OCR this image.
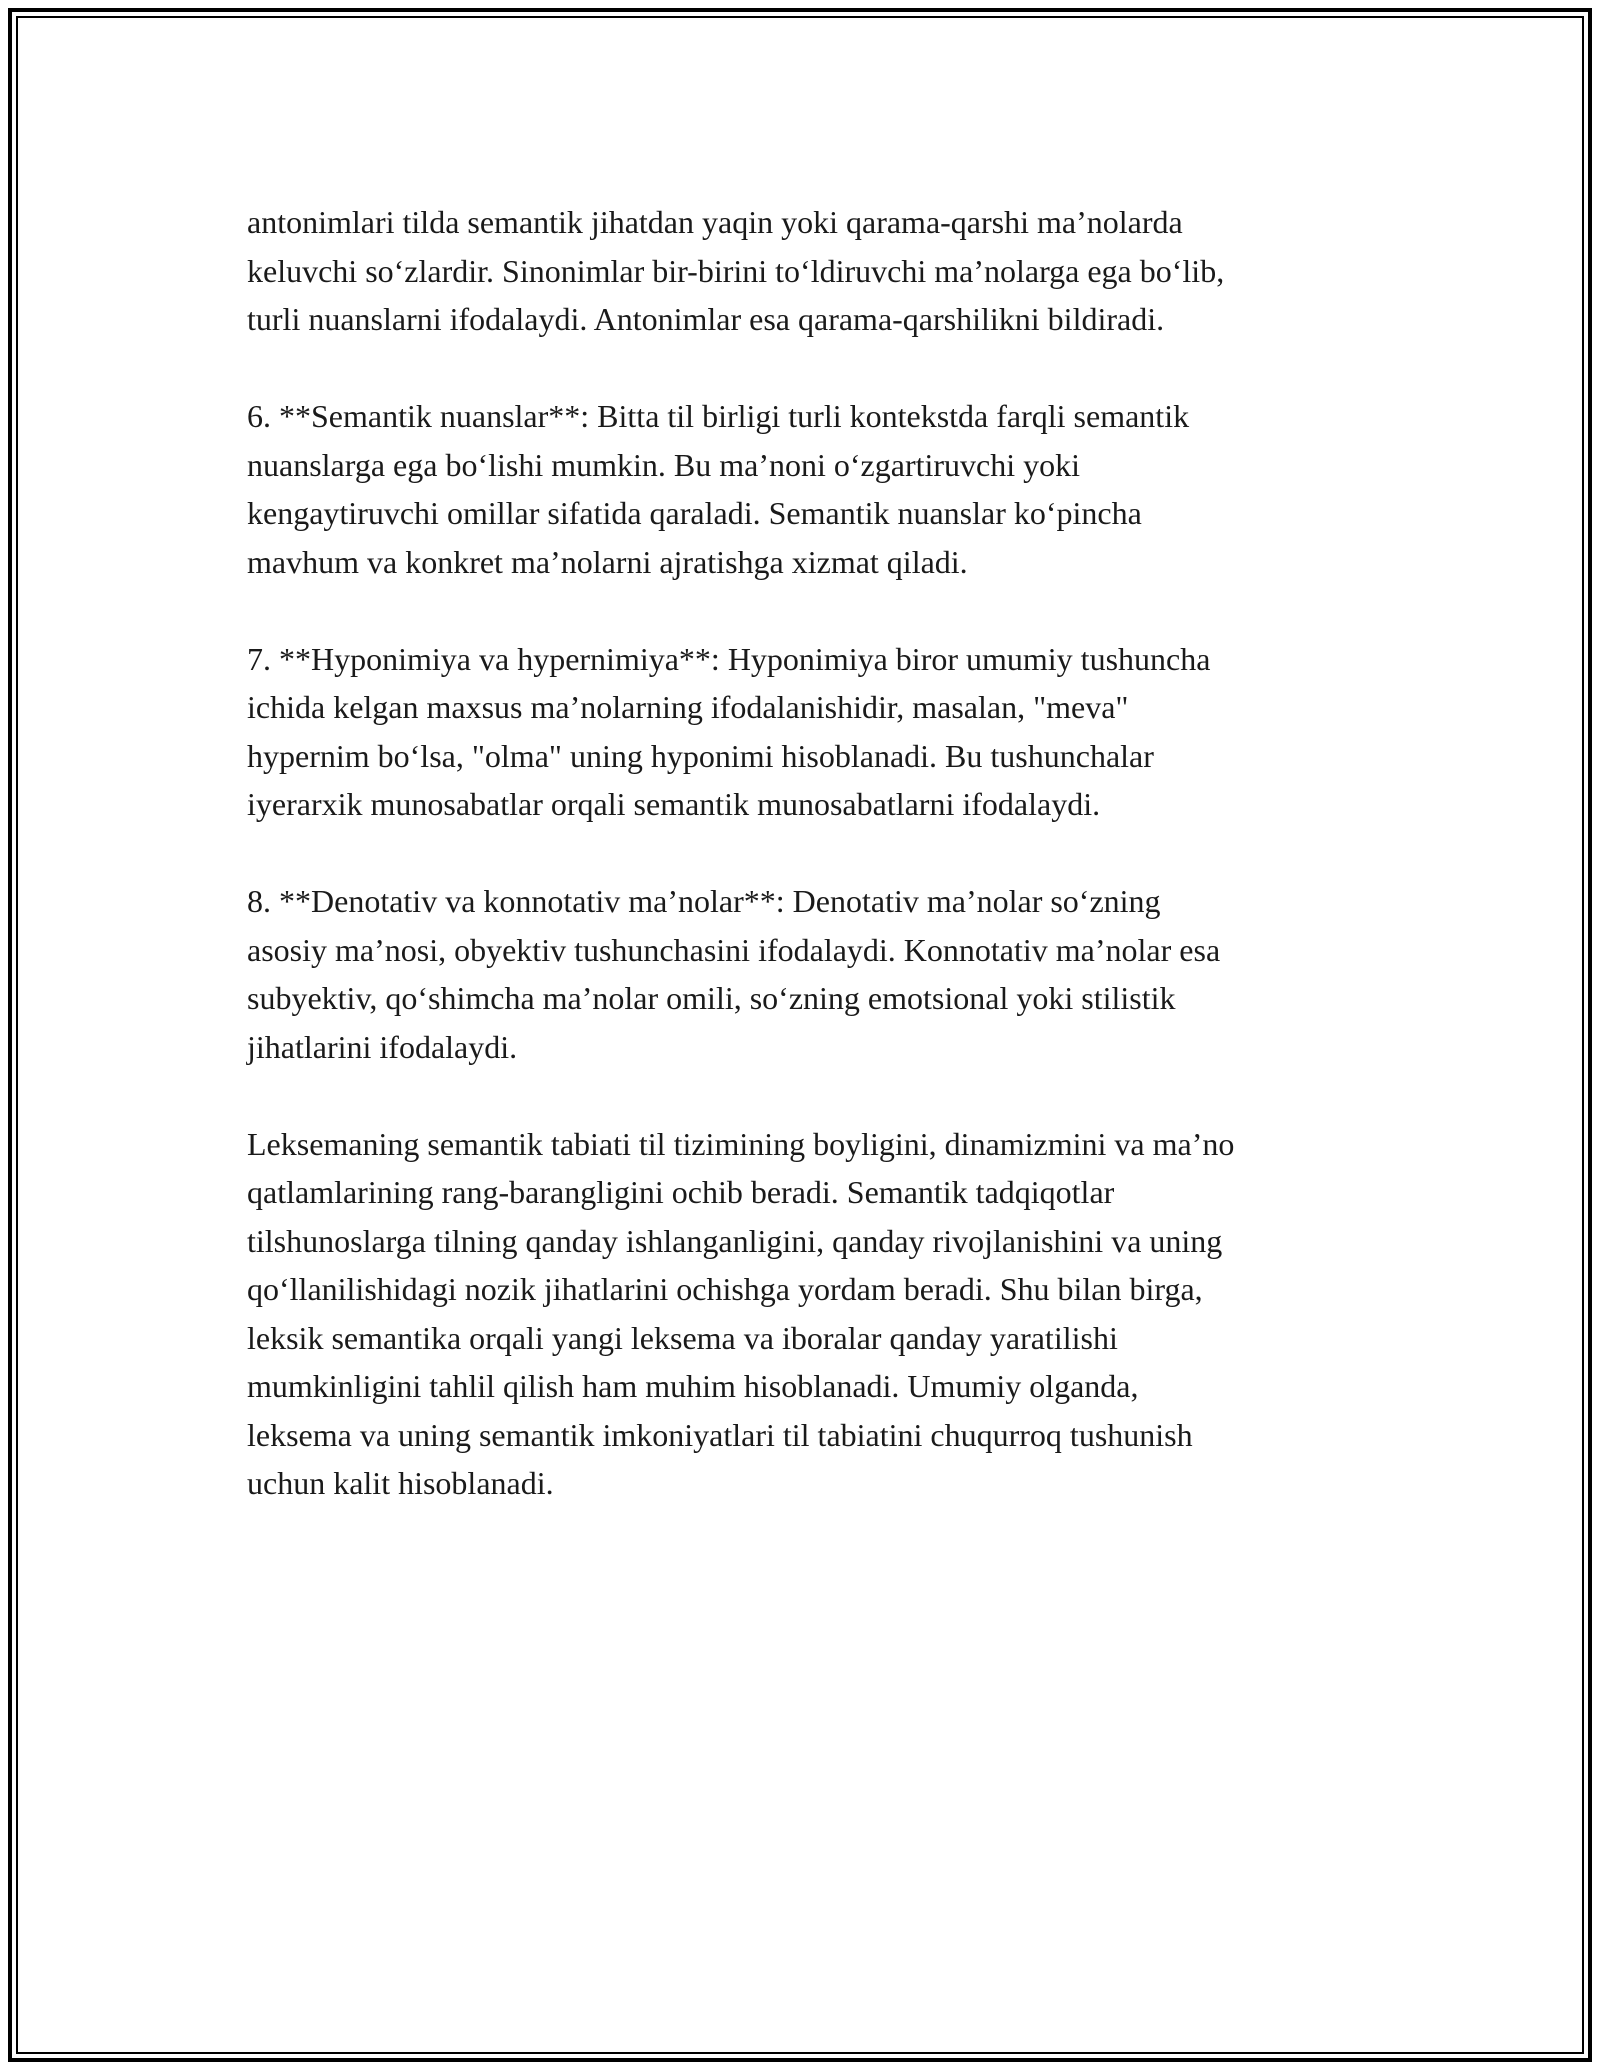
antonimlari tilda semantik jihatdan yaqin yoki qarama-qarshi ma’nolarda
keluvchi so‘zlardir. Sinonimlar bir-birini to‘ldiruvchi ma’nolarga ega bo‘lib,
turli nuanslarni ifodalaydi. Antonimlar esa qarama-qarshilikni bildiradi.

6. **Semantik nuanslar**: Bitta til birligi turli kontekstda farqli semantik
nuanslarga ega bo‘lishi mumkin. Bu ma’noni o‘zgartiruvchi yoki
kengaytiruvchi omillar sifatida qaraladi. Semantik nuanslar ko‘pincha
mavhum va konkret ma’nolarni ajratishga xizmat qiladi.

7. **Hyponimiya va hypernimiya**: Hyponimiya biror umumiy tushuncha
ichida kelgan maxsus ma’nolarning ifodalanishidir, masalan, "meva"
hypernim bo‘lsa, "olma" uning hyponimi hisoblanadi. Bu tushunchalar
iyerarxik munosabatlar orqali semantik munosabatlarni ifodalaydi.

8. **Denotativ va konnotativ ma’nolar**: Denotativ ma’nolar so‘zning
asosiy ma’nosi, obyektiv tushunchasini ifodalaydi. Konnotativ ma’nolar esa
subyektiv, qo‘shimcha ma’nolar omili, so‘zning emotsional yoki stilistik
jihatlarini ifodalaydi.

Leksemaning semantik tabiati til tizimining boyligini, dinamizmini va ma’no
qatlamlarining rang-barangligini ochib beradi. Semantik tadqiqotlar
tilshunoslarga tilning qanday ishlanganligini, qanday rivojlanishini va uning
qo‘llanilishidagi nozik jihatlarini ochishga yordam beradi. Shu bilan birga,
leksik semantika orqali yangi leksema va iboralar qanday yaratilishi
mumkinligini tahlil qilish ham muhim hisoblanadi. Umumiy olganda,
leksema va uning semantik imkoniyatlari til tabiatini chuqurroq tushunish
uchun kalit hisoblanadi.
